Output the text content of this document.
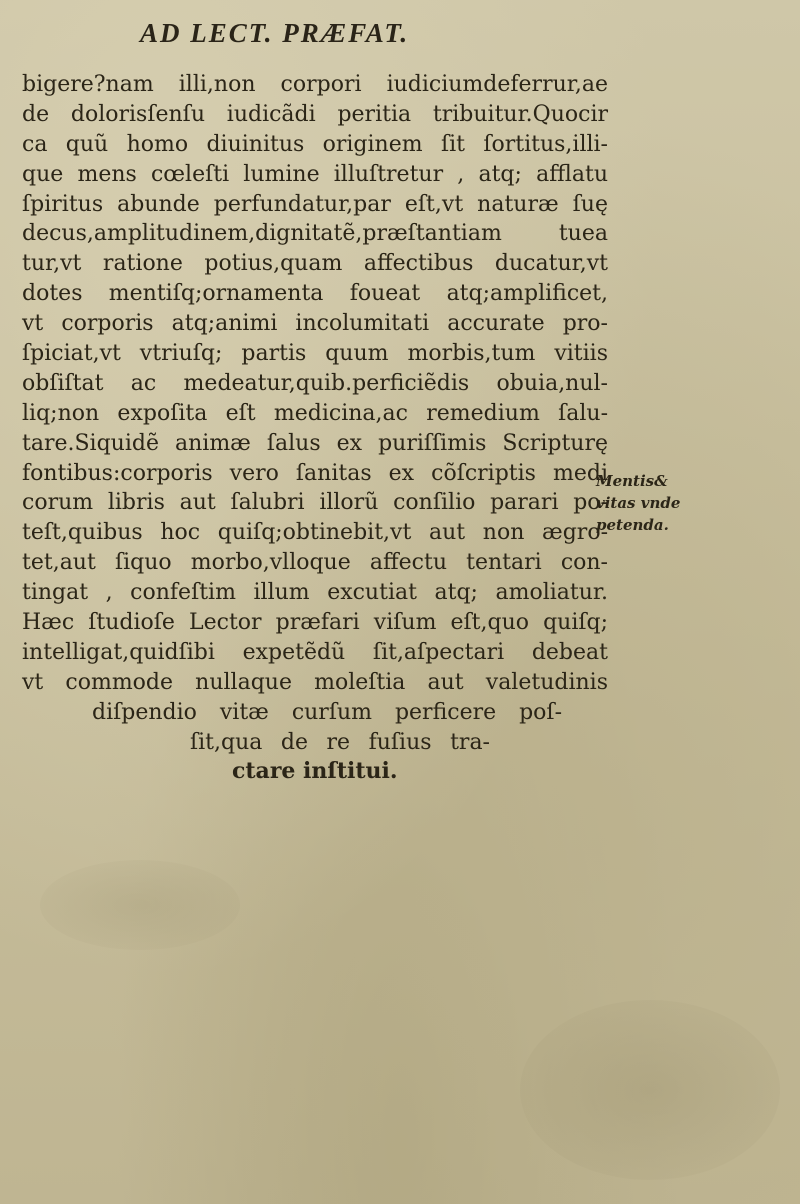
AD LECT. PRÆFAT.
bigere?nam illi,non corpori iudiciumdeferrur,ae
de dolorisſenſu iudicãdi peritia tribuitur.Quocir
ca quũ homo diuinitus originem ſit ſortitus,illi-
que mens cœleſti lumine illuſtretur , atq; afflatu
ſpiritus abunde perfundatur,par eſt,vt naturæ ſuę
decus,amplitudinem,dignitatẽ,præſtantiam tuea
tur,vt ratione potius,quam affectibus ducatur,vt
dotes mentiſq;ornamenta foueat atq;amplificet,
vt corporis atq;animi incolumitati accurate pro-
ſpiciat,vt vtriuſq; partis quum morbis,tum vitiis
obſiſtat ac medeatur,quib.perficiẽdis obuia,nul-
liq;non expoſita eſt medicina,ac remedium ſalu-
tare.Siquidẽ animæ ſalus ex puriſſimis Scripturę
fontibus:corporis vero ſanitas ex cõſcriptis medi
corum libris aut ſalubri illorũ conſilio parari po-
teſt,quibus hoc quiſq;obtinebit,vt aut non ægro-
tet,aut ſiquo morbo,vlloque affectu tentari con-
tingat , confeſtim illum excutiat atq; amoliatur.
Hæc ſtudioſe Lector præfari viſum eſt,quo quiſq;
intelligat,quidſibi expetẽdũ ſit,aſpectari debeat
vt commode nullaque moleſtia aut valetudinis
diſpendio vitæ curſum perficere poſ-
ſit,qua de re fuſius tra-
ctare inſtitui.
Mentis&
vitas vnde
petenda.
